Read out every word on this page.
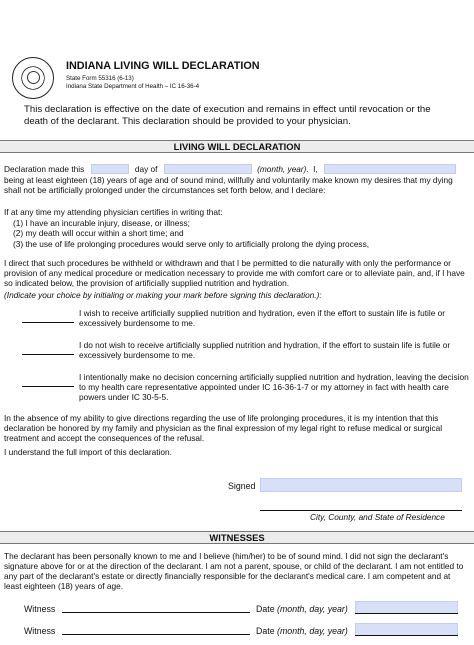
INDIANA LIVING WILL DECLARATION
State Form 55316 (6-13)
Indiana State Department of Health – IC 16-36-4
This declaration is effective on the date of execution and remains in effect until revocation or the death of the declarant. This declaration should be provided to your physician.
LIVING WILL DECLARATION
Declaration made this	day of	(month, year). I,
being at least eighteen (18) years of age and of sound mind, willfully and voluntarily make known my desires that my dying shall not be artificially prolonged under the circumstances set forth below, and I declare:
If at any time my attending physician certifies in writing that:
(1) I have an incurable injury, disease, or illness;
(2) my death will occur within a short time; and
(3) the use of life prolonging procedures would serve only to artificially prolong the dying process,
I direct that such procedures be withheld or withdrawn and that I be permitted to die naturally with only the performance or provision of any medical procedure or medication necessary to provide me with comfort care or to alleviate pain, and, if I have so indicated below, the provision of artificially supplied nutrition and hydration.
(Indicate your choice by initialing or making your mark before signing this declaration.):
I wish to receive artificially supplied nutrition and hydration, even if the effort to sustain life is futile or excessively burdensome to me.
I do not wish to receive artificially supplied nutrition and hydration, if the effort to sustain life is futile or excessively burdensome to me.
I intentionally make no decision concerning artificially supplied nutrition and hydration, leaving the decision to my health care representative appointed under IC 16-36-1-7 or my attorney in fact with health care powers under IC 30-5-5.
In the absence of my ability to give directions regarding the use of life prolonging procedures, it is my intention that this declaration be honored by my family and physician as the final expression of my legal right to refuse medical or surgical treatment and accept the consequences of the refusal.
I understand the full import of this declaration.
Signed
City, County, and State of Residence
WITNESSES
The declarant has been personally known to me and I believe (him/her) to be of sound mind. I did not sign the declarant's signature above for or at the direction of the declarant. I am not a parent, spouse, or child of the declarant. I am not entitled to any part of the declarant's estate or directly financially responsible for the declarant's medical care. I am competent and at least eighteen (18) years of age.
Witness	Date (month, day, year)
Witness	Date (month, day, year)
